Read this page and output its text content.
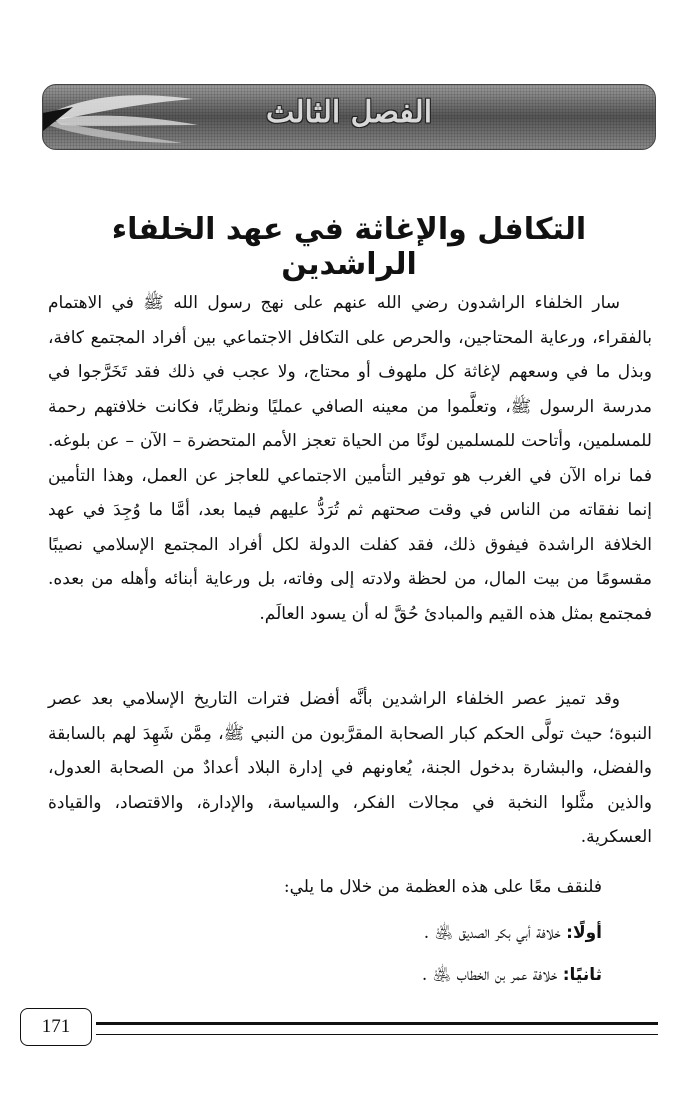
الفصل الثالث
التكافل والإغاثة في عهد الخلفاء الراشدين

سار الخلفاء الراشدون رضي الله عنهم على نهج رسول الله ﷺ في الاهتمام بالفقراء، ورعاية المحتاجين، والحرص على التكافل الاجتماعي بين أفراد المجتمع كافة، وبذل ما في وسعهم لإغاثة كل ملهوف أو محتاج، ولا عجب في ذلك فقد تَخَرَّجوا في مدرسة الرسول ﷺ، وتعلَّموا من معينه الصافي عمليًا ونظريًا، فكانت خلافتهم رحمة للمسلمين، وأتاحت للمسلمين لونًا من الحياة تعجز الأمم المتحضرة – الآن – عن بلوغه. فما نراه الآن في الغرب هو توفير التأمين الاجتماعي للعاجز عن العمل، وهذا التأمين إنما نفقاته من الناس في وقت صحتهم ثم تُرَدُّ عليهم فيما بعد، أمَّا ما وُجِدَ في عهد الخلافة الراشدة فيفوق ذلك، فقد كفلت الدولة لكل أفراد المجتمع الإسلامي نصيبًا مقسومًا من بيت المال، من لحظة ولادته إلى وفاته، بل ورعاية أبنائه وأهله من بعده. فمجتمع بمثل هذه القيم والمبادئ حُقَّ له أن يسود العالَم.

وقد تميز عصر الخلفاء الراشدين بأنَّه أفضل فترات التاريخ الإسلامي بعد عصر النبوة؛ حيث تولَّى الحكم كبار الصحابة المقرَّبون من النبي ﷺ، مِمَّن شَهِدَ لهم بالسابقة والفضل، والبشارة بدخول الجنة، يُعاونهم في إدارة البلاد أعدادٌ من الصحابة العدول، والذين مثَّلوا النخبة في مجالات الفكر، والسياسة، والإدارة، والاقتصاد، والقيادة العسكرية.

فلنقف معًا على هذه العظمة من خلال ما يلي:

أولًا: خلافة أبي بكر الصديق ﵁ .

ثانيًا: خلافة عمر بن الخطاب ﵁ .

171
